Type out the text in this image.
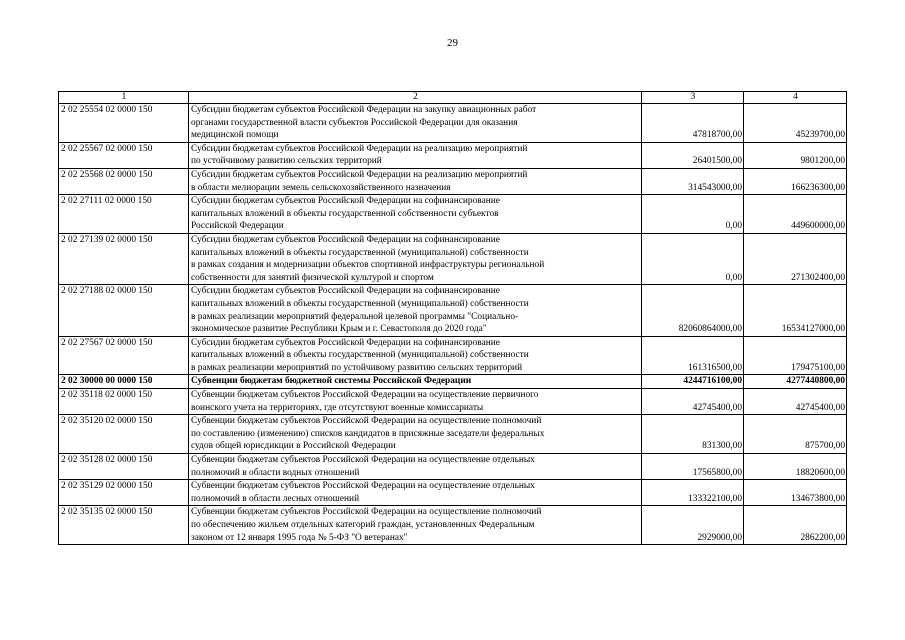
29
1	2	3	4
2 02 25554 02 0000 150	Субсидии бюджетам субъектов Российской Федерации на закупку авиационных работ
органами государственной власти субъектов Российской Федерации для оказания
медицинской помощи	47818700,00	45239700,00
2 02 25567 02 0000 150	Субсидии бюджетам субъектов Российской Федерации на реализацию мероприятий
по устойчивому развитию сельских территорий	26401500,00	9801200,00
2 02 25568 02 0000 150	Субсидии бюджетам субъектов Российской Федерации на реализацию мероприятий
в области мелиорации земель сельскохозяйственного назначения	314543000,00	166236300,00
2 02 27111 02 0000 150	Субсидии бюджетам субъектов Российской Федерации на софинансирование
капитальных вложений в объекты государственной собственности субъектов
Российской Федерации	0,00	449600000,00
2 02 27139 02 0000 150	Субсидии бюджетам субъектов Российской Федерации на софинансирование
капитальных вложений в объекты государственной (муниципальной) собственности
в рамках создания и модернизации объектов спортивной инфраструктуры региональной
собственности для занятий физической культурой и спортом	0,00	271302400,00
2 02 27188 02 0000 150	Субсидии бюджетам субъектов Российской Федерации на софинансирование
капитальных вложений в объекты государственной (муниципальной) собственности
в рамках реализации мероприятий федеральной целевой программы "Социально-
экономическое развитие Республики Крым и г. Севастополя до 2020 года"	82060864000,00	16534127000,00
2 02 27567 02 0000 150	Субсидии бюджетам субъектов Российской Федерации на софинансирование
капитальных вложений в объекты государственной (муниципальной) собственности
в рамках реализации мероприятий по устойчивому развитию сельских территорий	161316500,00	179475100,00
2 02 30000 00 0000 150	Субвенции бюджетам бюджетной системы Российской Федерации	4244716100,00	4277440800,00
2 02 35118 02 0000 150	Субвенции бюджетам субъектов Российской Федерации на осуществление первичного
воинского учета на территориях, где отсутствуют военные комиссариаты	42745400,00	42745400,00
2 02 35120 02 0000 150	Субвенции бюджетам субъектов Российской Федерации на осуществление полномочий
по составлению (изменению) списков кандидатов в присяжные заседатели федеральных
судов общей юрисдикции в Российской Федерации	831300,00	875700,00
2 02 35128 02 0000 150	Субвенции бюджетам субъектов Российской Федерации на осуществление отдельных
полномочий в области водных отношений	17565800,00	18820600,00
2 02 35129 02 0000 150	Субвенции бюджетам субъектов Российской Федерации на осуществление отдельных
полномочий в области лесных отношений	133322100,00	134673800,00
2 02 35135 02 0000 150	Субвенции бюджетам субъектов Российской Федерации на осуществление полномочий
по обеспечению жильем отдельных категорий граждан, установленных Федеральным
законом от 12 января 1995 года № 5-ФЗ "О ветеранах"	2929000,00	2862200,00
